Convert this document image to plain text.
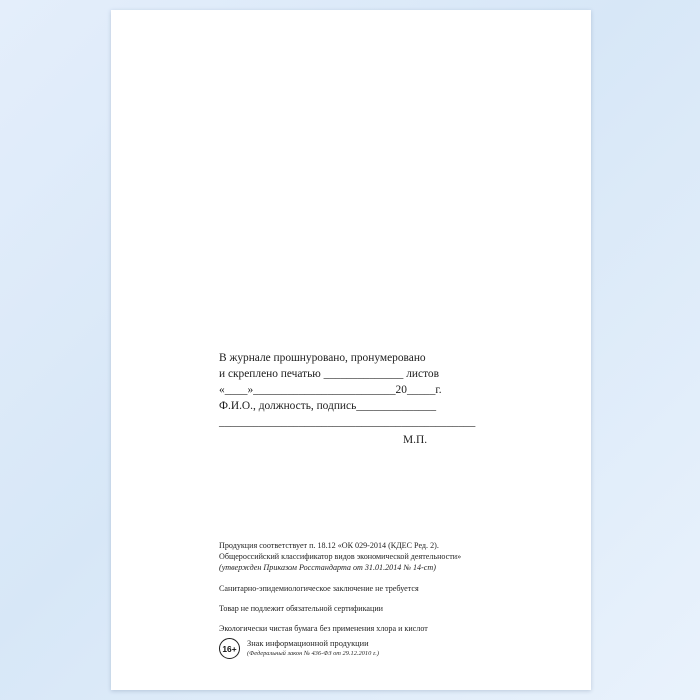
В журнале прошнуровано, пронумеровано
и скреплено печатью ______________ листов
«____»_________________________20_____г.
Ф.И.О., должность, подпись______________
_____________________________________________
М.П.
Продукция соответствует п. 18.12 «ОК 029-2014 (КДЕС Ред. 2).
Общероссийский классификатор видов экономической деятельности»
(утвержден Приказом Росстандарта от 31.01.2014 № 14-ст)
Санитарно-эпидемиологическое заключение не требуется
Товар не подлежит обязательной сертификации
Экологически чистая бумага без применения хлора и кислот
16+	Знак информационной продукции
(Федеральный закон № 436-ФЗ от 29.12.2010 г.)
